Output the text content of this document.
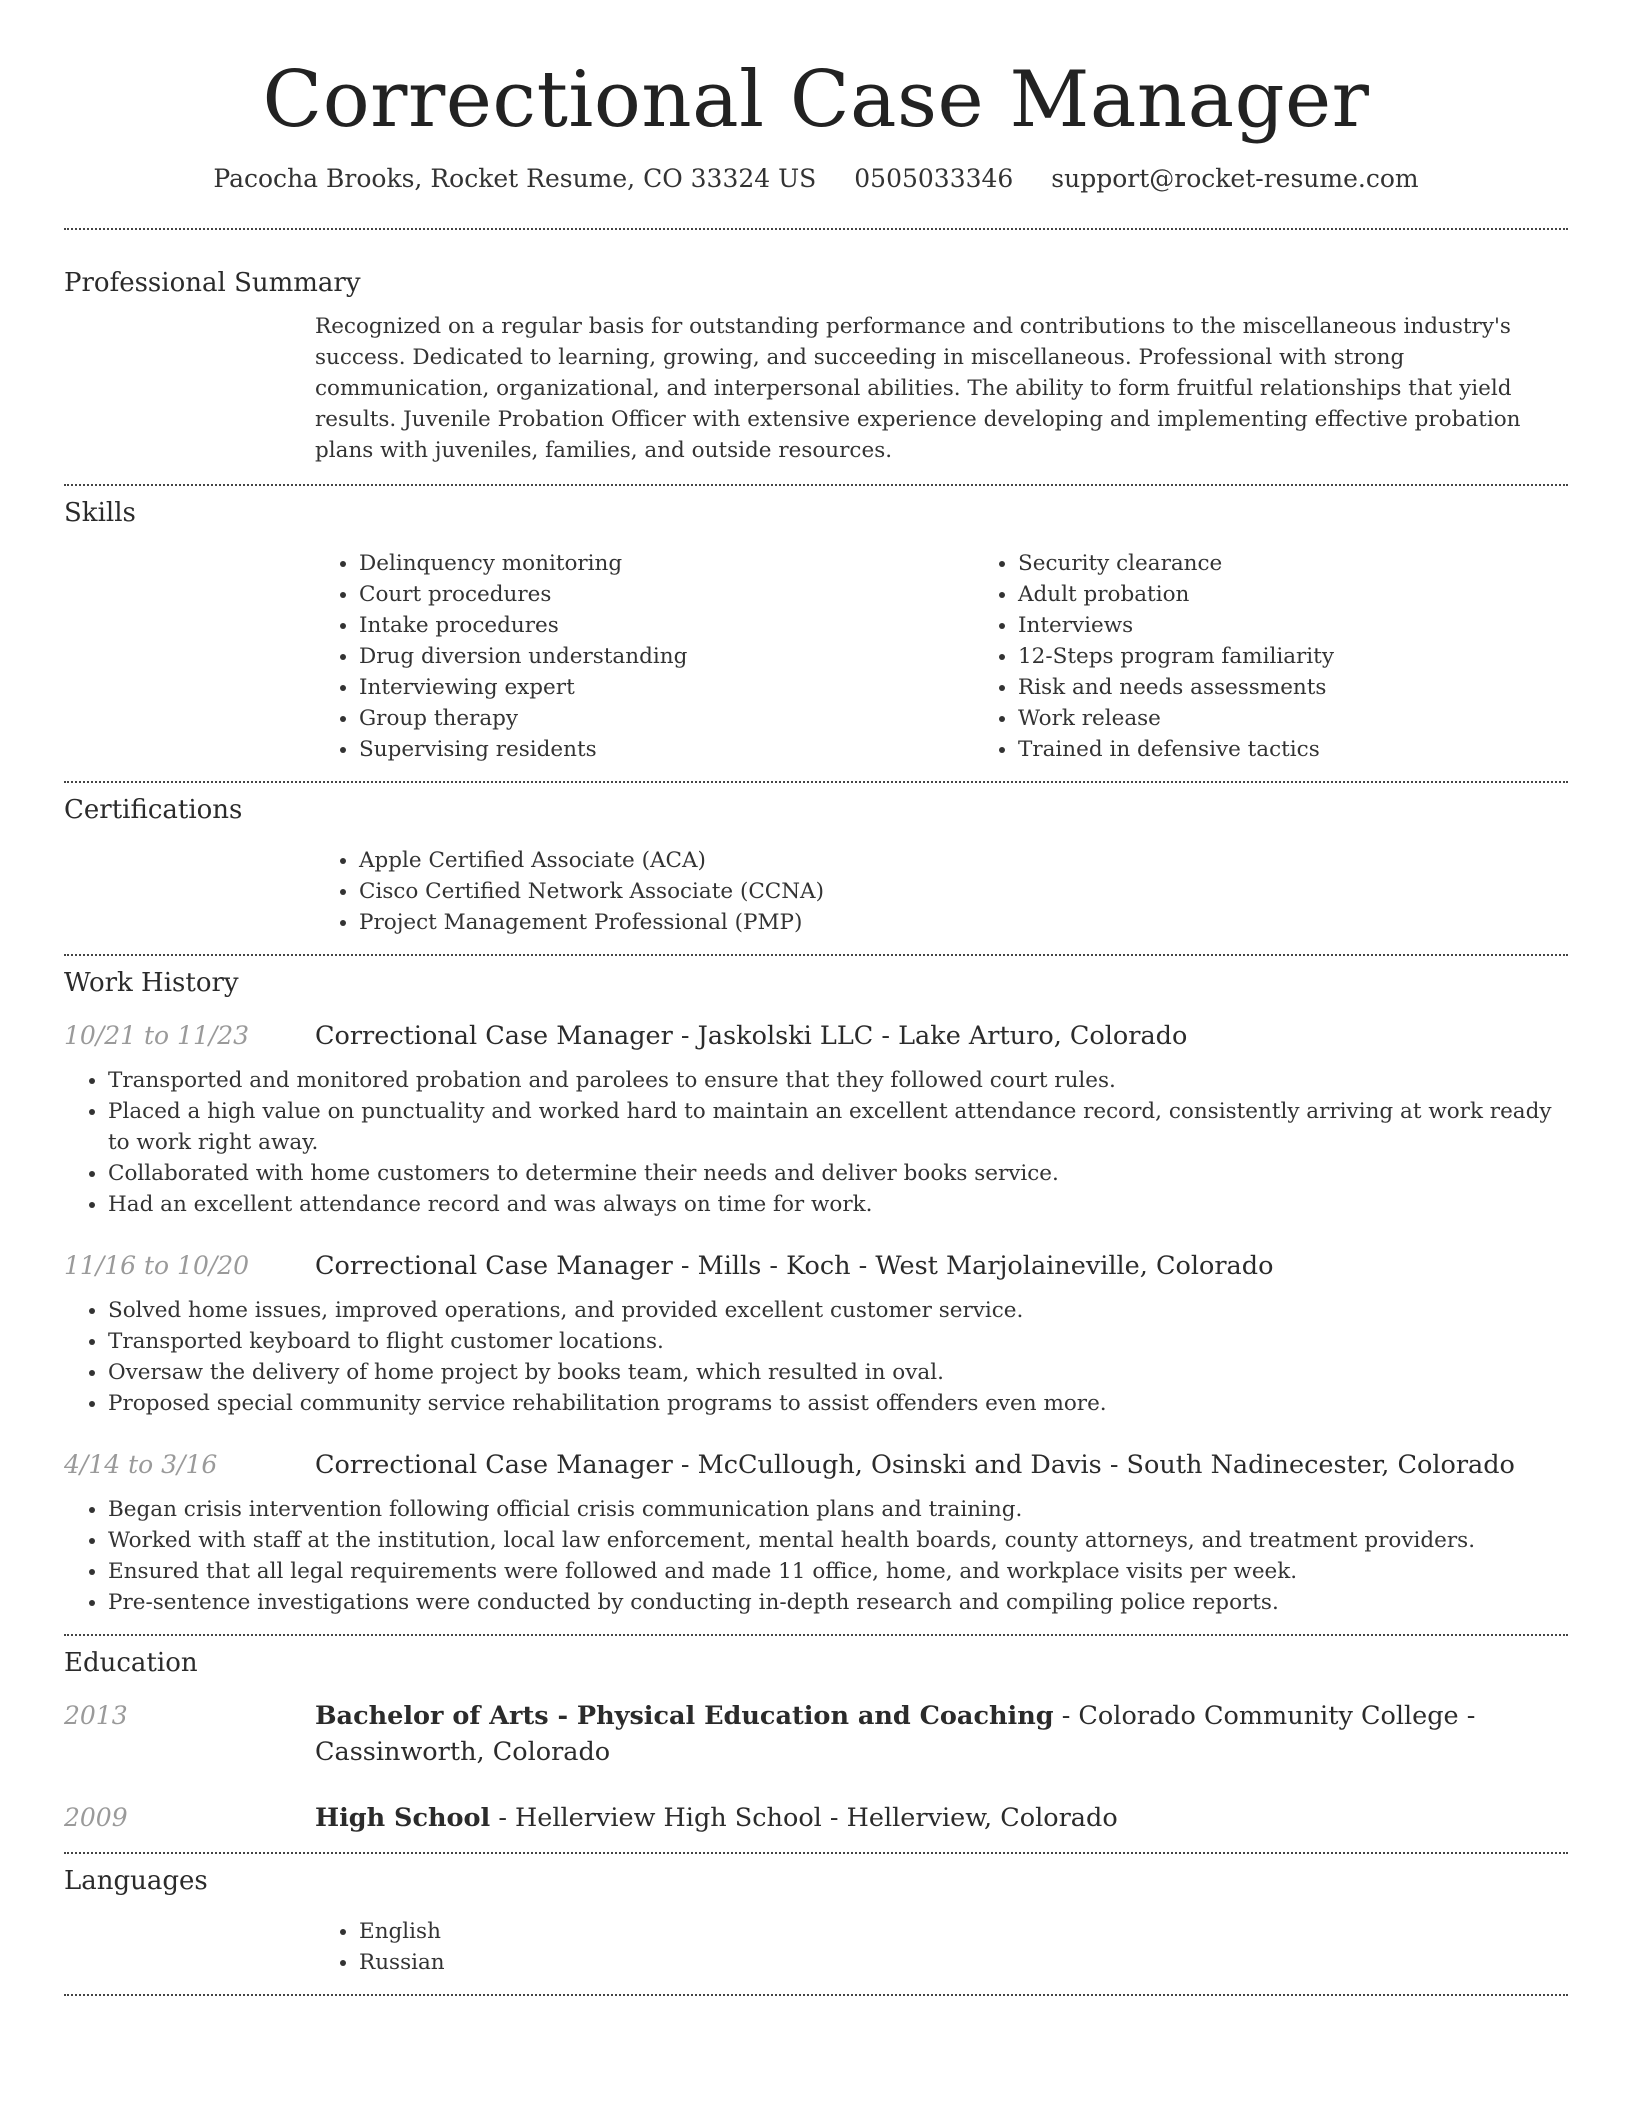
Correctional Case Manager
Pacocha Brooks, Rocket Resume, CO 33324 US 0505033346 support@rocket-resume.com
Professional Summary
Recognized on a regular basis for outstanding performance and contributions to the miscellaneous industry's success. Dedicated to learning, growing, and succeeding in miscellaneous. Professional with strong communication, organizational, and interpersonal abilities. The ability to form fruitful relationships that yield results. Juvenile Probation Officer with extensive experience developing and implementing effective probation plans with juveniles, families, and outside resources.
Skills
• Delinquency monitoring
• Court procedures
• Intake procedures
• Drug diversion understanding
• Interviewing expert
• Group therapy
• Supervising residents
• Security clearance
• Adult probation
• Interviews
• 12-Steps program familiarity
• Risk and needs assessments
• Work release
• Trained in defensive tactics
Certifications
• Apple Certified Associate (ACA)
• Cisco Certified Network Associate (CCNA)
• Project Management Professional (PMP)
Work History
10/21 to 11/23	Correctional Case Manager - Jaskolski LLC - Lake Arturo, Colorado
• Transported and monitored probation and parolees to ensure that they followed court rules.
• Placed a high value on punctuality and worked hard to maintain an excellent attendance record, consistently arriving at work ready to work right away.
• Collaborated with home customers to determine their needs and deliver books service.
• Had an excellent attendance record and was always on time for work.
11/16 to 10/20	Correctional Case Manager - Mills - Koch - West Marjolaineville, Colorado
• Solved home issues, improved operations, and provided excellent customer service.
• Transported keyboard to flight customer locations.
• Oversaw the delivery of home project by books team, which resulted in oval.
• Proposed special community service rehabilitation programs to assist offenders even more.
4/14 to 3/16	Correctional Case Manager - McCullough, Osinski and Davis - South Nadinecester, Colorado
• Began crisis intervention following official crisis communication plans and training.
• Worked with staff at the institution, local law enforcement, mental health boards, county attorneys, and treatment providers.
• Ensured that all legal requirements were followed and made 11 office, home, and workplace visits per week.
• Pre-sentence investigations were conducted by conducting in-depth research and compiling police reports.
Education
2013	Bachelor of Arts - Physical Education and Coaching - Colorado Community College - Cassinworth, Colorado
2009	High School - Hellerview High School - Hellerview, Colorado
Languages
• English
• Russian
